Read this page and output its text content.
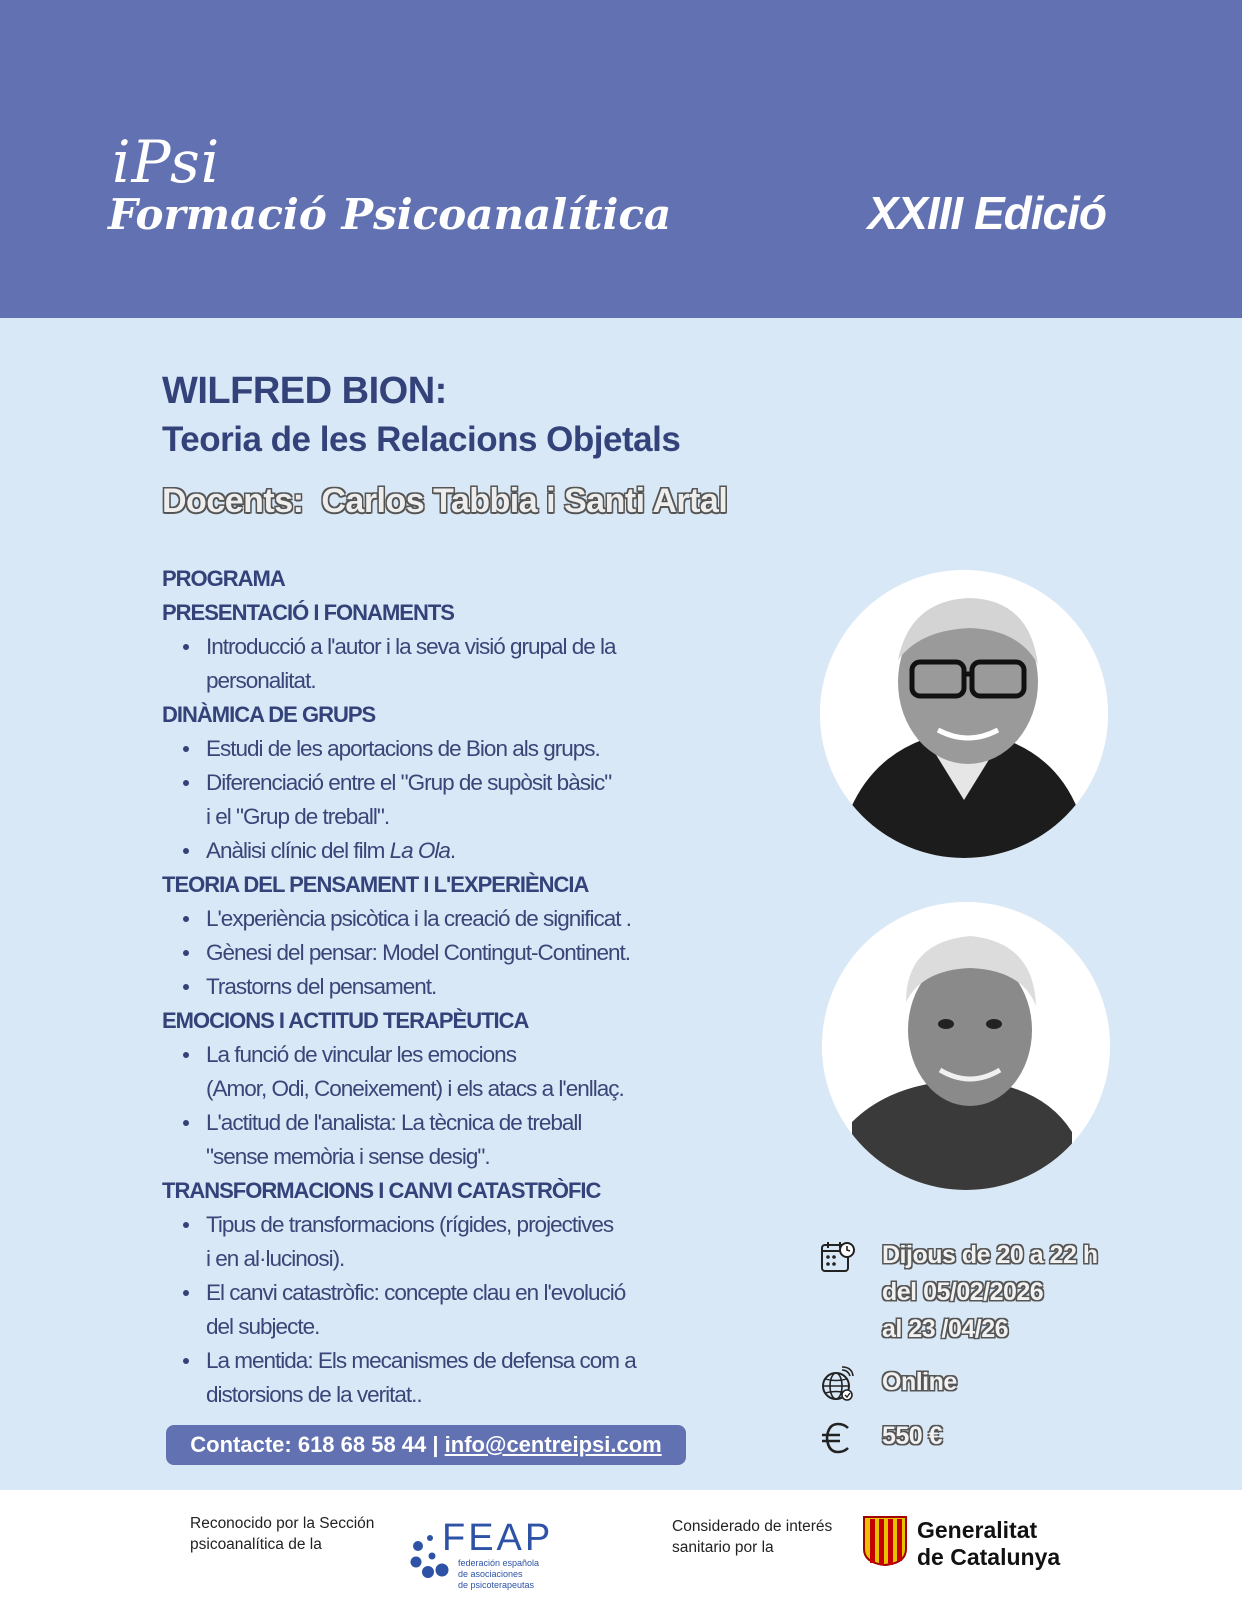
iPsi
Formació Psicoanalítica	XXIII Edició
WILFRED BION:
Teoria de les Relacions Objetals

Docents:  Carlos Tabbia i Santi Artal

PROGRAMA
PRESENTACIÓ I FONAMENTS
Introducció a l'autor i la seva visió grupal de la
personalitat.
DINÀMICA DE GRUPS
Estudi de les aportacions de Bion als grups.
Diferenciació entre el "Grup de supòsit bàsic"
i el "Grup de treball".
Anàlisi clínic del film La Ola.
TEORIA DEL PENSAMENT I L'EXPERIÈNCIA
L'experiència psicòtica i la creació de significat .
Gènesi del pensar: Model Contingut-Continent.
Trastorns del pensament.
EMOCIONS I ACTITUD TERAPÈUTICA
La funció de vincular les emocions
(Amor, Odi, Coneixement) i els atacs a l'enllaç.
L'actitud de l'analista: La tècnica de treball
"sense memòria i sense desig".
TRANSFORMACIONS I CANVI CATASTRÒFIC
Tipus de transformacions (rígides, projectives
i en al·lucinosi).
El canvi catastròfic: concepte clau en l'evolució
del subjecte.
La mentida: Els mecanismes de defensa com a
distorsions de la veritat..
Dijous de 20 a 22 h
del 05/02/2026
al 23 /04/26
Online
550 €
Contacte: 618 68 58 44 | info@centreipsi.com
Reconocido por la Sección psicoanalítica de la	FEAP
federación española
de asociaciones
de psicoterapeutas
Considerado de interés sanitario por la
Generalitat
de Catalunya
